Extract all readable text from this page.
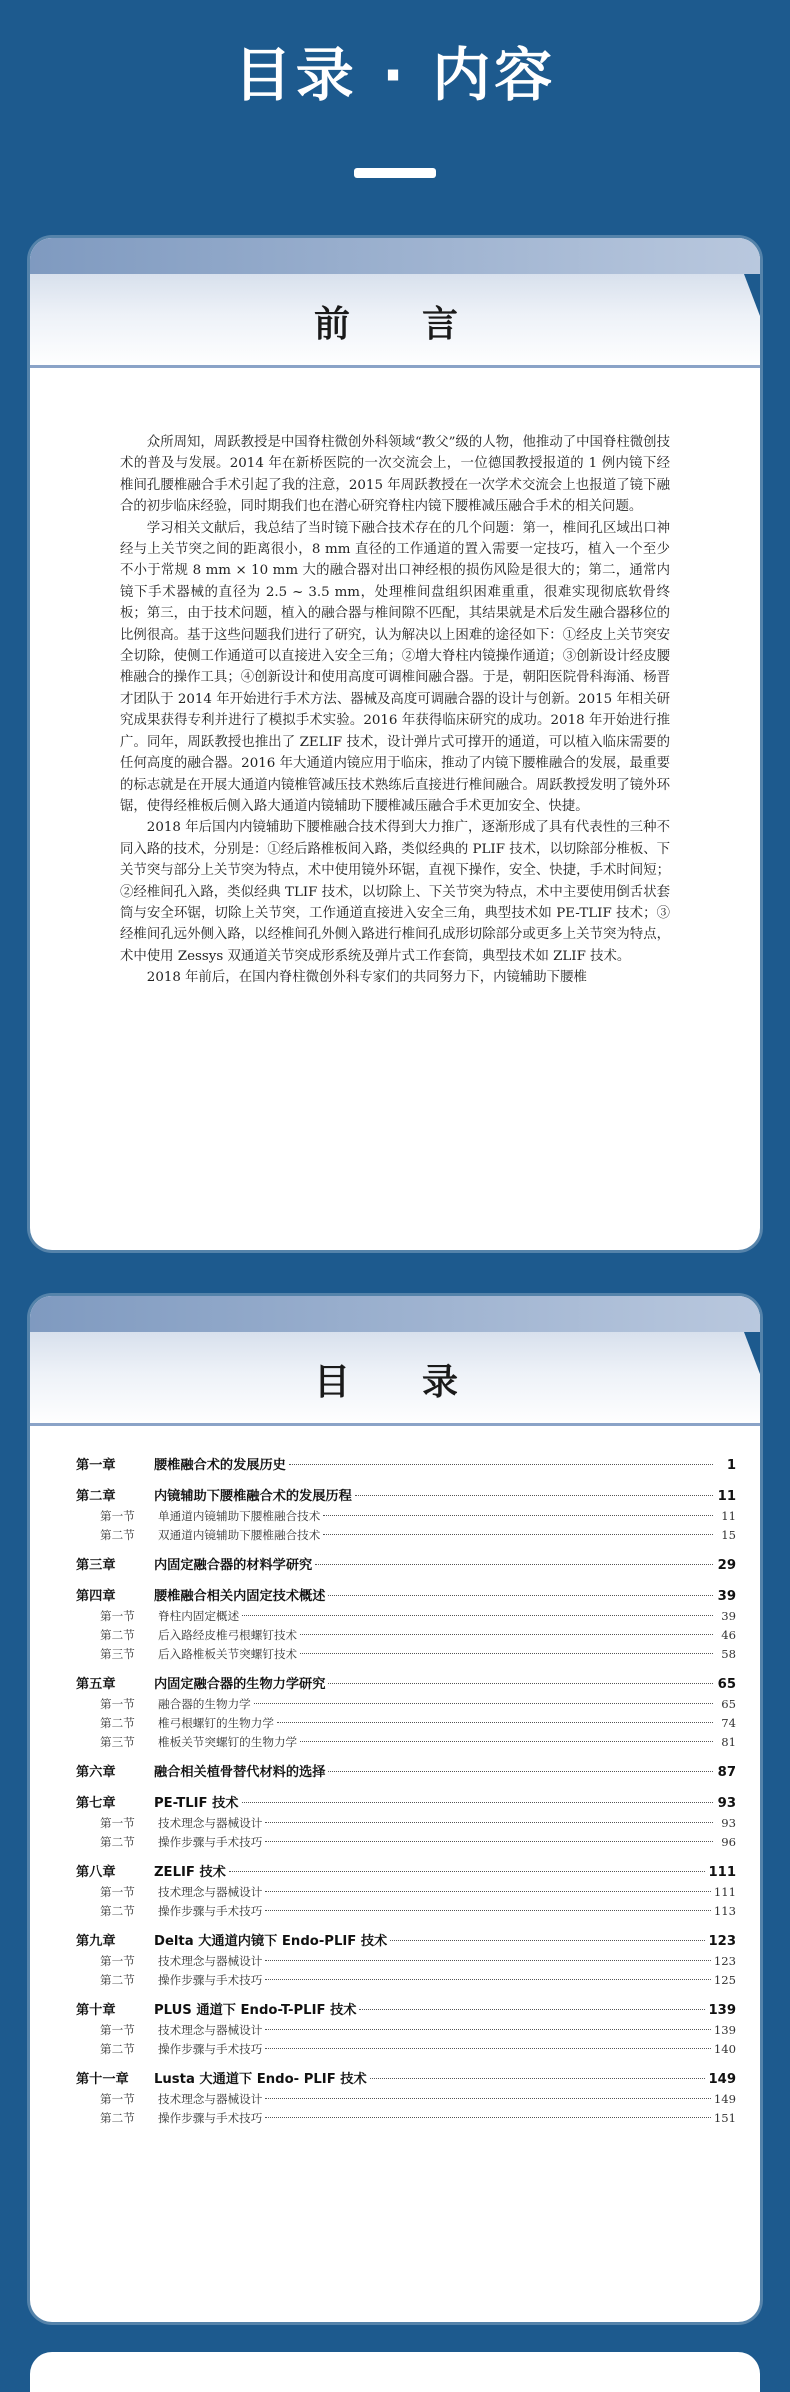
目录 · 内容
前　言

众所周知，周跃教授是中国脊柱微创外科领域“教父”级的人物，他推动了中国脊柱微创技术的普及与发展。2014 年在新桥医院的一次交流会上，一位德国教授报道的 1 例内镜下经椎间孔腰椎融合手术引起了我的注意，2015 年周跃教授在一次学术交流会上也报道了镜下融合的初步临床经验，同时期我们也在潜心研究脊柱内镜下腰椎减压融合手术的相关问题。

学习相关文献后，我总结了当时镜下融合技术存在的几个问题：第一，椎间孔区域出口神经与上关节突之间的距离很小，8 mm 直径的工作通道的置入需要一定技巧，植入一个至少不小于常规 8 mm × 10 mm 大的融合器对出口神经根的损伤风险是很大的；第二，通常内镜下手术器械的直径为 2.5 ~ 3.5 mm，处理椎间盘组织困难重重，很难实现彻底软骨终板；第三，由于技术问题，植入的融合器与椎间隙不匹配，其结果就是术后发生融合器移位的比例很高。基于这些问题我们进行了研究，认为解决以上困难的途径如下：①经皮上关节突安全切除，使侧工作通道可以直接进入安全三角；②增大脊柱内镜操作通道；③创新设计经皮腰椎融合的操作工具；④创新设计和使用高度可调椎间融合器。于是，朝阳医院骨科海涌、杨晋才团队于 2014 年开始进行手术方法、器械及高度可调融合器的设计与创新。2015 年相关研究成果获得专利并进行了模拟手术实验。2016 年获得临床研究的成功。2018 年开始进行推广。同年，周跃教授也推出了 ZELIF 技术，设计弹片式可撑开的通道，可以植入临床需要的任何高度的融合器。2016 年大通道内镜应用于临床，推动了内镜下腰椎融合的发展，最重要的标志就是在开展大通道内镜椎管减压技术熟练后直接进行椎间融合。周跃教授发明了镜外环锯，使得经椎板后侧入路大通道内镜辅助下腰椎减压融合手术更加安全、快捷。

2018 年后国内内镜辅助下腰椎融合技术得到大力推广，逐渐形成了具有代表性的三种不同入路的技术，分别是：①经后路椎板间入路，类似经典的 PLIF 技术，以切除部分椎板、下关节突与部分上关节突为特点，术中使用镜外环锯，直视下操作，安全、快捷，手术时间短；②经椎间孔入路，类似经典 TLIF 技术，以切除上、下关节突为特点，术中主要使用倒舌状套筒与安全环锯，切除上关节突，工作通道直接进入安全三角，典型技术如 PE-TLIF 技术；③经椎间孔远外侧入路，以经椎间孔外侧入路进行椎间孔成形切除部分或更多上关节突为特点，术中使用 Zessys 双通道关节突成形系统及弹片式工作套筒，典型技术如 ZLIF 技术。

2018 年前后，在国内脊柱微创外科专家们的共同努力下，内镜辅助下腰椎

目　录
第一章	腰椎融合术的发展历史	1
第二章	内镜辅助下腰椎融合术的发展历程	11
第一节	单通道内镜辅助下腰椎融合技术	11
第二节	双通道内镜辅助下腰椎融合技术	15
第三章	内固定融合器的材料学研究	29
第四章	腰椎融合相关内固定技术概述	39
第一节	脊柱内固定概述	39
第二节	后入路经皮椎弓根螺钉技术	46
第三节	后入路椎板关节突螺钉技术	58
第五章	内固定融合器的生物力学研究	65
第一节	融合器的生物力学	65
第二节	椎弓根螺钉的生物力学	74
第三节	椎板关节突螺钉的生物力学	81
第六章	融合相关植骨替代材料的选择	87
第七章	PE-TLIF 技术	93
第一节	技术理念与器械设计	93
第二节	操作步骤与手术技巧	96
第八章	ZELIF 技术	111
第一节	技术理念与器械设计	111
第二节	操作步骤与手术技巧	113
第九章	Delta 大通道内镜下 Endo-PLIF 技术	123
第一节	技术理念与器械设计	123
第二节	操作步骤与手术技巧	125
第十章	PLUS 通道下 Endo-T-PLIF 技术	139
第一节	技术理念与器械设计	139
第二节	操作步骤与手术技巧	140
第十一章	Lusta 大通道下 Endo- PLIF 技术	149
第一节	技术理念与器械设计	149
第二节	操作步骤与手术技巧	151
